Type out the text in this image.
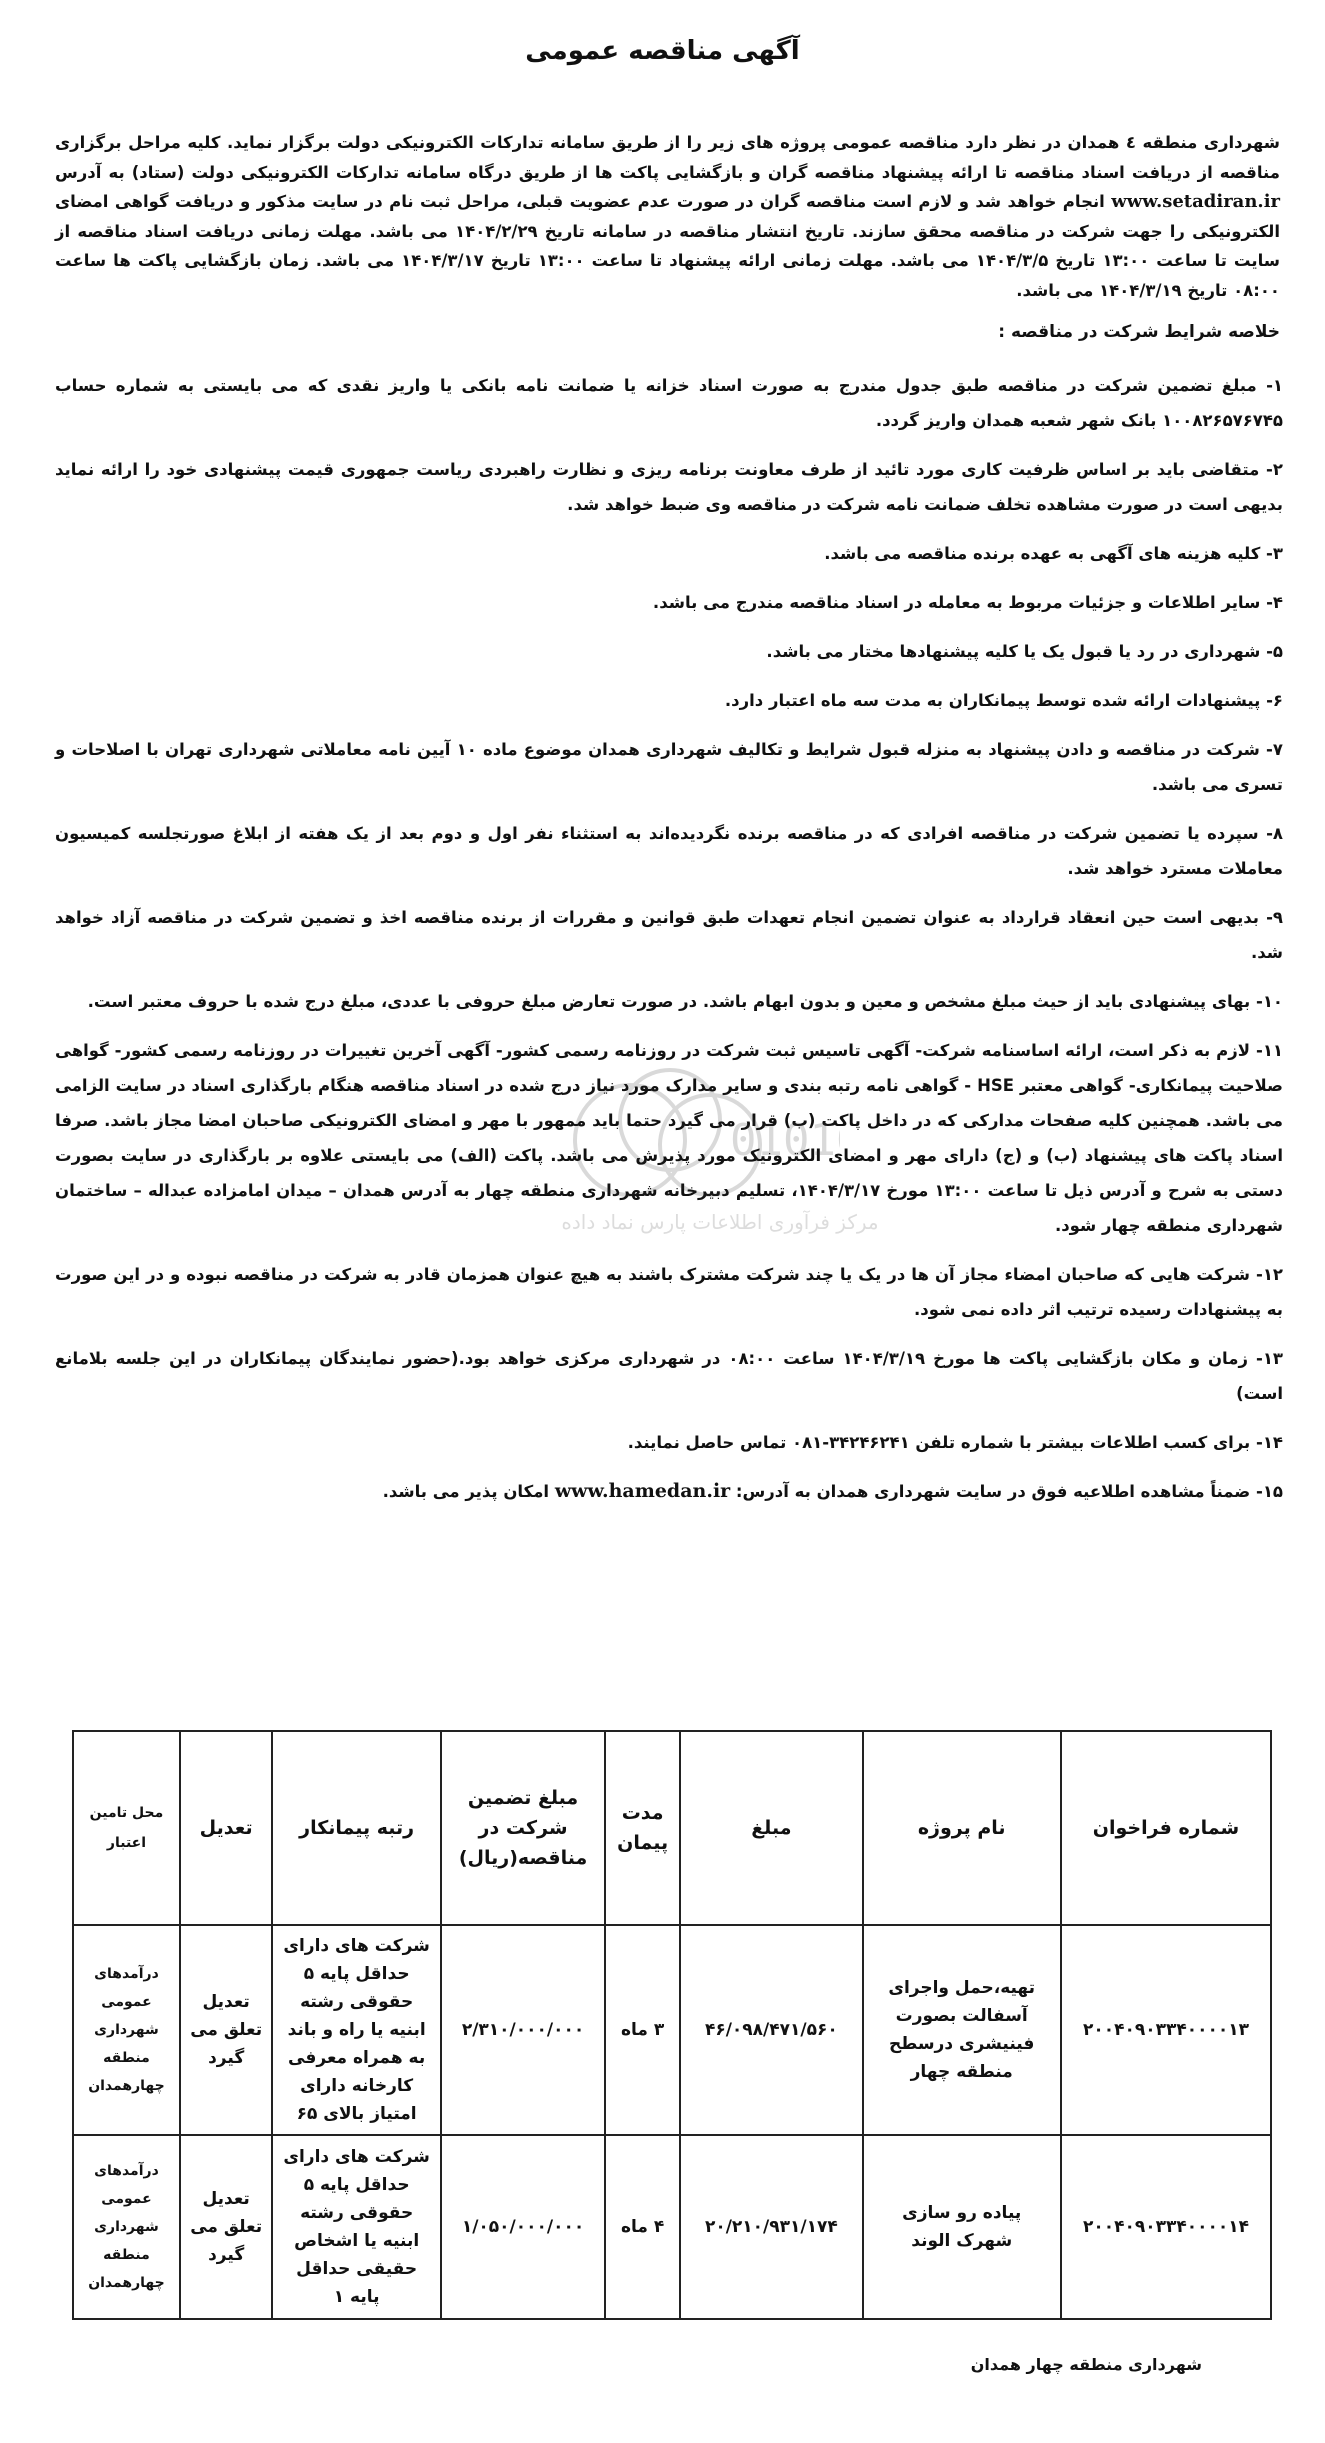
آگهی مناقصه عمومی
شهرداری منطقه ٤ همدان در نظر دارد مناقصه عمومی پروژه های زیر را از طریق سامانه تداركات الکترونیکی دولت برگزار نماید. کلیه مراحل برگزاری مناقصه از دریافت اسناد مناقصه تا ارائه پیشنهاد مناقصه گران و بازگشایی پاکت ها از طریق درگاه سامانه تدارکات الکترونیکی دولت (ستاد) به آدرس www.setadiran.ir انجام خواهد شد و لازم است مناقصه گران در صورت عدم عضویت قبلی، مراحل ثبت نام در سایت مذکور و دریافت گواهی امضای الکترونیکی را جهت شرکت در مناقصه محقق سازند. تاریخ انتشار مناقصه در سامانه تاریخ ۱۴۰۴/۲/۲۹ می باشد. مهلت زمانی دریافت اسناد مناقصه از سایت تا ساعت ۱۳:۰۰ تاریخ ۱۴۰۴/۳/۵ می باشد. مهلت زمانی ارائه پیشنهاد تا ساعت ۱۳:۰۰ تاریخ ۱۴۰۴/۳/۱۷ می باشد. زمان بازگشایی پاکت ها ساعت ۰۸:۰۰ تاریخ ۱۴۰۴/۳/۱۹ می باشد.
خلاصه شرایط شرکت در مناقصه :
۱- مبلغ تضمین شرکت در مناقصه طبق جدول مندرج به صورت اسناد خزانه یا ضمانت نامه بانکی یا واریز نقدی که می بایستی به شماره حساب ۱۰۰۸۲۶۵۷۶۷۴۵ بانک شهر شعبه همدان واریز گردد.
۲- متقاضی باید بر اساس ظرفیت کاری مورد تائید از طرف معاونت برنامه ریزی و نظارت راهبردی ریاست جمهوری قیمت پیشنهادی خود را ارائه نماید بدیهی است در صورت مشاهده تخلف ضمانت نامه شرکت در مناقصه وی ضبط خواهد شد.
۳- کلیه هزینه های آگهی به عهده برنده مناقصه می باشد.
۴- سایر اطلاعات و جزئیات مربوط به معامله در اسناد مناقصه مندرج می باشد.
۵- شهرداری در رد یا قبول یک یا کلیه پیشنهادها مختار می باشد.
۶- پیشنهادات ارائه شده توسط پیمانکاران به مدت سه ماه اعتبار دارد.
۷- شرکت در مناقصه و دادن پیشنهاد به منزله قبول شرایط و تکالیف شهرداری همدان موضوع ماده ۱۰ آیین نامه معاملاتی شهرداری تهران با اصلاحات و تسری می باشد.
۸- سپرده یا تضمین شرکت در مناقصه افرادی که در مناقصه برنده نگردیده‌اند به استثناء نفر اول و دوم بعد از یک هفته از ابلاغ صورتجلسه کمیسیون معاملات مسترد خواهد شد.
۹- بدیهی است حین انعقاد قرارداد به عنوان تضمین انجام تعهدات طبق قوانین و مقررات از برنده مناقصه اخذ و تضمین شرکت در مناقصه آزاد خواهد شد.
۱۰- بهای پیشنهادی باید از حیث مبلغ مشخص و معین و بدون ابهام باشد. در صورت تعارض مبلغ حروفی با عددی، مبلغ درج شده با حروف معتبر است.
۱۱- لازم به ذکر است، ارائه اساسنامه شرکت- آگهی تاسیس ثبت شرکت در روزنامه رسمی کشور- آگهی آخرین تغییرات در روزنامه رسمی کشور- گواهی صلاحیت پیمانکاری- گواهی معتبر HSE - گواهی نامه رتبه بندی و سایر مدارک مورد نیاز درج شده در اسناد مناقصه هنگام بارگذاری اسناد در سایت الزامی می باشد. همچنین کلیه صفحات مدارکی که در داخل پاکت (ب) قرار می گیرد حتما باید ممهور با مهر و امضای الکترونیکی صاحبان امضا مجاز باشد. صرفا اسناد پاکت های پیشنهاد (ب) و (ج) دارای مهر و امضای الکترونیک مورد پذیرش می باشد. پاکت (الف) می بایستی علاوه بر بارگذاری در سایت بصورت دستی به شرح و آدرس ذیل تا ساعت ۱۳:۰۰ مورخ ۱۴۰۴/۳/۱۷، تسلیم دبیرخانه شهرداری منطقه چهار به آدرس همدان – میدان امامزاده عبداله – ساختمان شهرداری منطقه چهار شود.
۱۲- شرکت هایی که صاحبان امضاء مجاز آن ها در یک یا چند شرکت مشترک باشند به هیچ عنوان همزمان قادر به شرکت در مناقصه نبوده و در این صورت به پیشنهادات رسیده ترتیب اثر داده نمی شود.
۱۳- زمان و مکان بازگشایی پاکت ها مورخ ۱۴۰۴/۳/۱۹ ساعت ۰۸:۰۰ در شهرداری مرکزی خواهد بود.(حضور نمایندگان پیمانکاران در این جلسه بلامانع است)
۱۴- برای کسب اطلاعات بیشتر با شماره تلفن ۳۴۲۴۶۲۴۱-۰۸۱ تماس حاصل نمایند.
۱۵- ضمناً مشاهده اطلاعیه فوق در سایت شهرداری همدان به آدرس: www.hamedan.ir امکان پذیر می باشد.
0101
مرکز فرآوری اطلاعات پارس نماد داده
شماره فراخوان	نام پروژه	مبلغ	مدت پیمان	مبلغ تضمین شرکت در مناقصه(ریال)	رتبه پیمانکار	تعدیل	محل تامین اعتبار
۲۰۰۴۰۹۰۳۳۴۰۰۰۰۱۳	تهیه،حمل واجرای آسفالت بصورت فینیشری درسطح منطقه چهار	۴۶/۰۹۸/۴۷۱/۵۶۰	۳ ماه	۲/۳۱۰/۰۰۰/۰۰۰	شرکت های دارای حداقل پایه ۵ حقوقی رشته ابنیه یا راه و باند به همراه معرفی کارخانه دارای امتیاز بالای ۶۵	تعدیل تعلق می گیرد	درآمدهای عمومی شهرداری منطقه چهارهمدان
۲۰۰۴۰۹۰۳۳۴۰۰۰۰۱۴	پیاده رو سازی شهرک الوند	۲۰/۲۱۰/۹۳۱/۱۷۴	۴ ماه	۱/۰۵۰/۰۰۰/۰۰۰	شرکت های دارای حداقل پایه ۵ حقوقی رشته ابنیه یا اشخاص حقیقی حداقل پایه ۱	تعدیل تعلق می گیرد	درآمدهای عمومی شهرداری منطقه چهارهمدان
شهرداری منطقه چهار همدان
